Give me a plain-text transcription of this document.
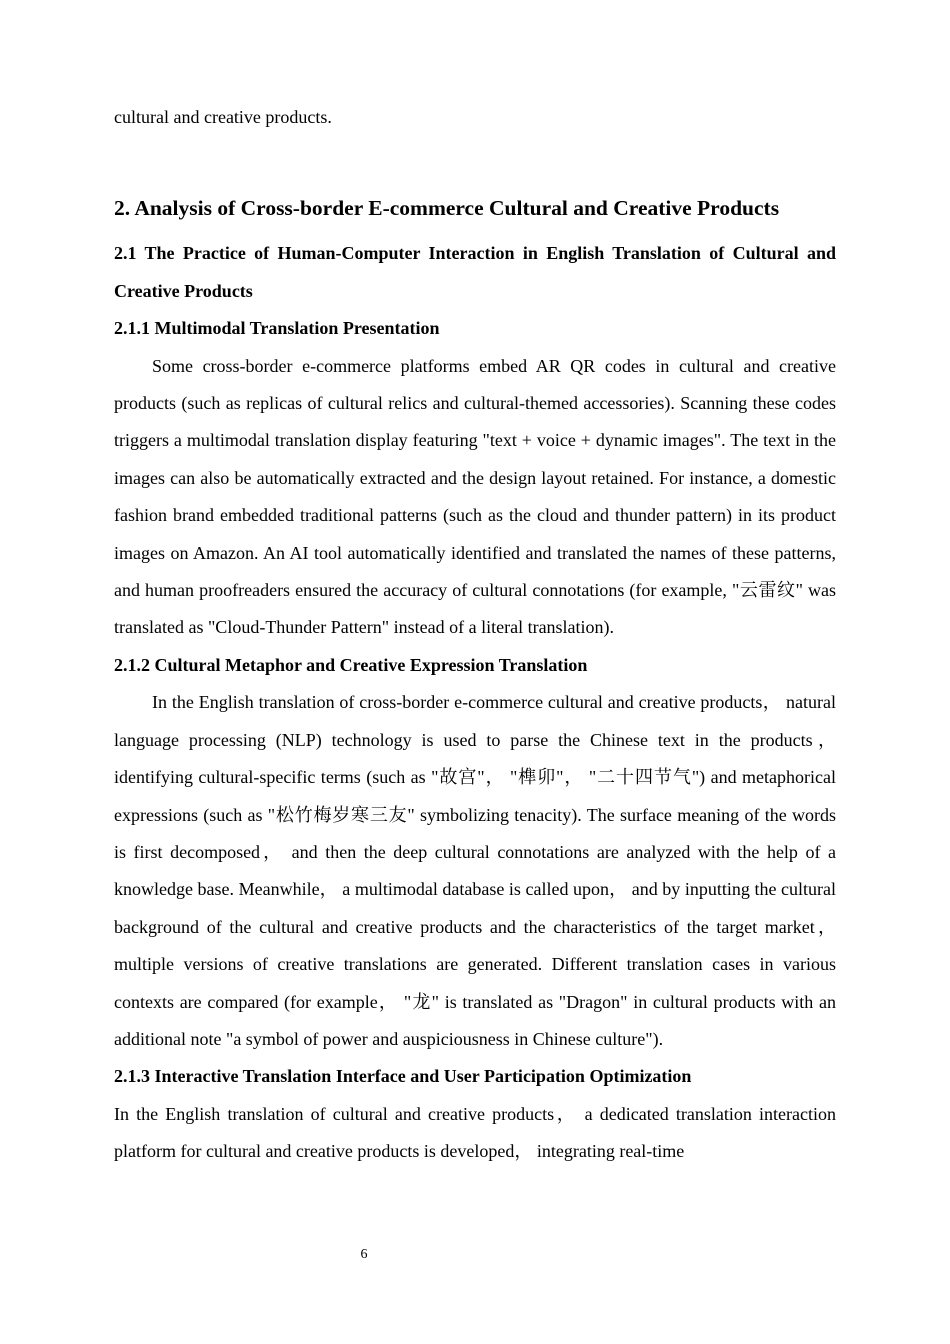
cultural and creative products.

2. Analysis of Cross-border E-commerce Cultural and Creative Products

2.1 The Practice of Human-Computer Interaction in English Translation of Cultural and Creative Products

2.1.1 Multimodal Translation Presentation

Some cross-border e-commerce platforms embed AR QR codes in cultural and creative products (such as replicas of cultural relics and cultural-themed accessories). Scanning these codes triggers a multimodal translation display featuring "text + voice + dynamic images". The text in the images can also be automatically extracted and the design layout retained. For instance, a domestic fashion brand embedded traditional patterns (such as the cloud and thunder pattern) in its product images on Amazon. An AI tool automatically identified and translated the names of these patterns, and human proofreaders ensured the accuracy of cultural connotations (for example, "云雷纹" was translated as "Cloud-Thunder Pattern" instead of a literal translation).

2.1.2 Cultural Metaphor and Creative Expression Translation

In the English translation of cross-border e-commerce cultural and creative products， natural language processing (NLP) technology is used to parse the Chinese text in the products， identifying cultural-specific terms (such as "故宫"， "榫卯"， "二十四节气") and metaphorical expressions (such as "松竹梅岁寒三友" symbolizing tenacity). The surface meaning of the words is first decomposed， and then the deep cultural connotations are analyzed with the help of a knowledge base. Meanwhile， a multimodal database is called upon， and by inputting the cultural background of the cultural and creative products and the characteristics of the target market， multiple versions of creative translations are generated. Different translation cases in various contexts are compared (for example， "龙" is translated as "Dragon" in cultural products with an additional note "a symbol of power and auspiciousness in Chinese culture").

2.1.3 Interactive Translation Interface and User Participation Optimization

In the English translation of cultural and creative products， a dedicated translation interaction platform for cultural and creative products is developed， integrating real-time

6
